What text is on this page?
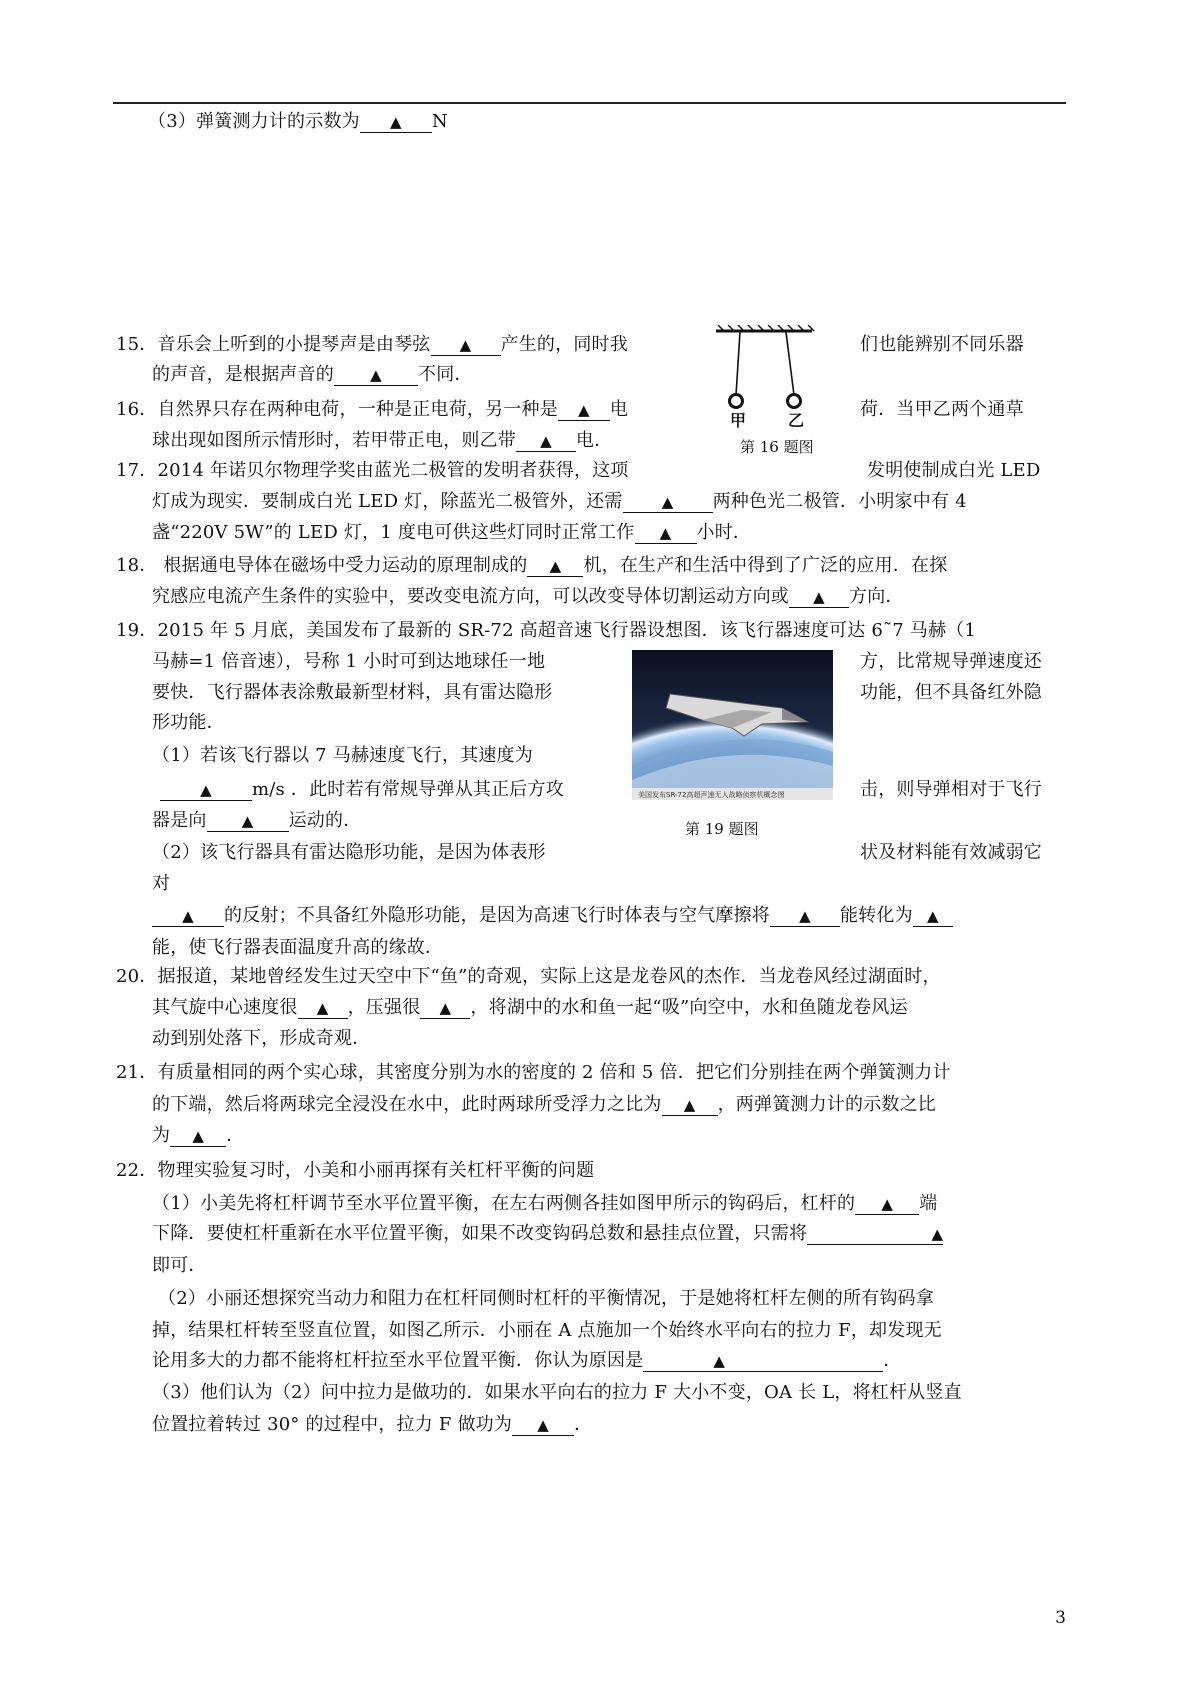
（3）弹簧测力计的示数为 ▲ N
15．音乐会上听到的小提琴声是由琴弦 ▲ 产生的，同时我	们也能辨别不同乐器
的声音，是根据声音的 ▲ 不同．
甲	乙
第 16 题图
16．自然界只存在两种电荷，一种是正电荷，另一种是 ▲ 电	荷．当甲乙两个通草
球出现如图所示情形时，若甲带正电，则乙带 ▲ 电．
17．2014 年诺贝尔物理学奖由蓝光二极管的发明者获得，这项	发明使制成白光 LED
灯成为现实．要制成白光 LED 灯，除蓝光二极管外，还需	▲ 两种色光二极管．小明家中有 4
盏“220V 5W”的 LED 灯，1 度电可供这些灯同时正常工作 ▲ 小时．
18． 根据通电导体在磁场中受力运动的原理制成的 ▲ 机，在生产和生活中得到了广泛的应用．在探
究感应电流产生条件的实验中，要改变电流方向，可以改变导体切割运动方向或 ▲ 方向．
19．2015 年 5 月底，美国发布了最新的 SR-72 高超音速飞行器设想图．该飞行器速度可达 6˜7 马赫（1
马赫=1 倍音速），号称 1 小时可到达地球任一地	方，比常规导弹速度还
要快．飞行器体表涂敷最新型材料，具有雷达隐形	功能，但不具备红外隐
形功能．
（1）若该飞行器以 7 马赫速度飞行，其速度为
▲ m/s ．此时若有常规导弹从其正后方攻	击，则导弹相对于飞行
器是向 ▲ 运动的．
（2）该飞行器具有雷达隐形功能，是因为体表形	状及材料能有效减弱它
对
▲ 的反射；不具备红外隐形功能，是因为高速飞行时体表与空气摩擦将 ▲ 能转化为 ▲
能，使飞行器表面温度升高的缘故．
美国发布SR-72高超声速无人战略侦察机概念图
第 19 题图
20．据报道，某地曾经发生过天空中下“鱼”的奇观，实际上这是龙卷风的杰作．当龙卷风经过湖面时，
其气旋中心速度很 ▲ ，压强很 ▲ ，将湖中的水和鱼一起“吸”向空中，水和鱼随龙卷风运
动到别处落下，形成奇观．
21．有质量相同的两个实心球，其密度分别为水的密度的 2 倍和 5 倍．把它们分别挂在两个弹簧测力计
的下端，然后将两球完全浸没在水中，此时两球所受浮力之比为 ▲ ，两弹簧测力计的示数之比
为 ▲ ．
22．物理实验复习时，小美和小丽再探有关杠杆平衡的问题
（1）小美先将杠杆调节至水平位置平衡，在左右两侧各挂如图甲所示的钩码后，杠杆的 ▲ 端
下降．要使杠杆重新在水平位置平衡，如果不改变钩码总数和悬挂点位置，只需将	▲
即可．
（2）小丽还想探究当动力和阻力在杠杆同侧时杠杆的平衡情况，于是她将杠杆左侧的所有钩码拿
掉，结果杠杆转至竖直位置，如图乙所示．小丽在 A 点施加一个始终水平向右的拉力 F，却发现无
论用多大的力都不能将杠杆拉至水平位置平衡．你认为原因是	▲	．
（3）他们认为（2）问中拉力是做功的．如果水平向右的拉力 F 大小不变，OA 长 L，将杠杆从竖直
位置拉着转过 30° 的过程中，拉力 F 做功为 ▲ ．
3
